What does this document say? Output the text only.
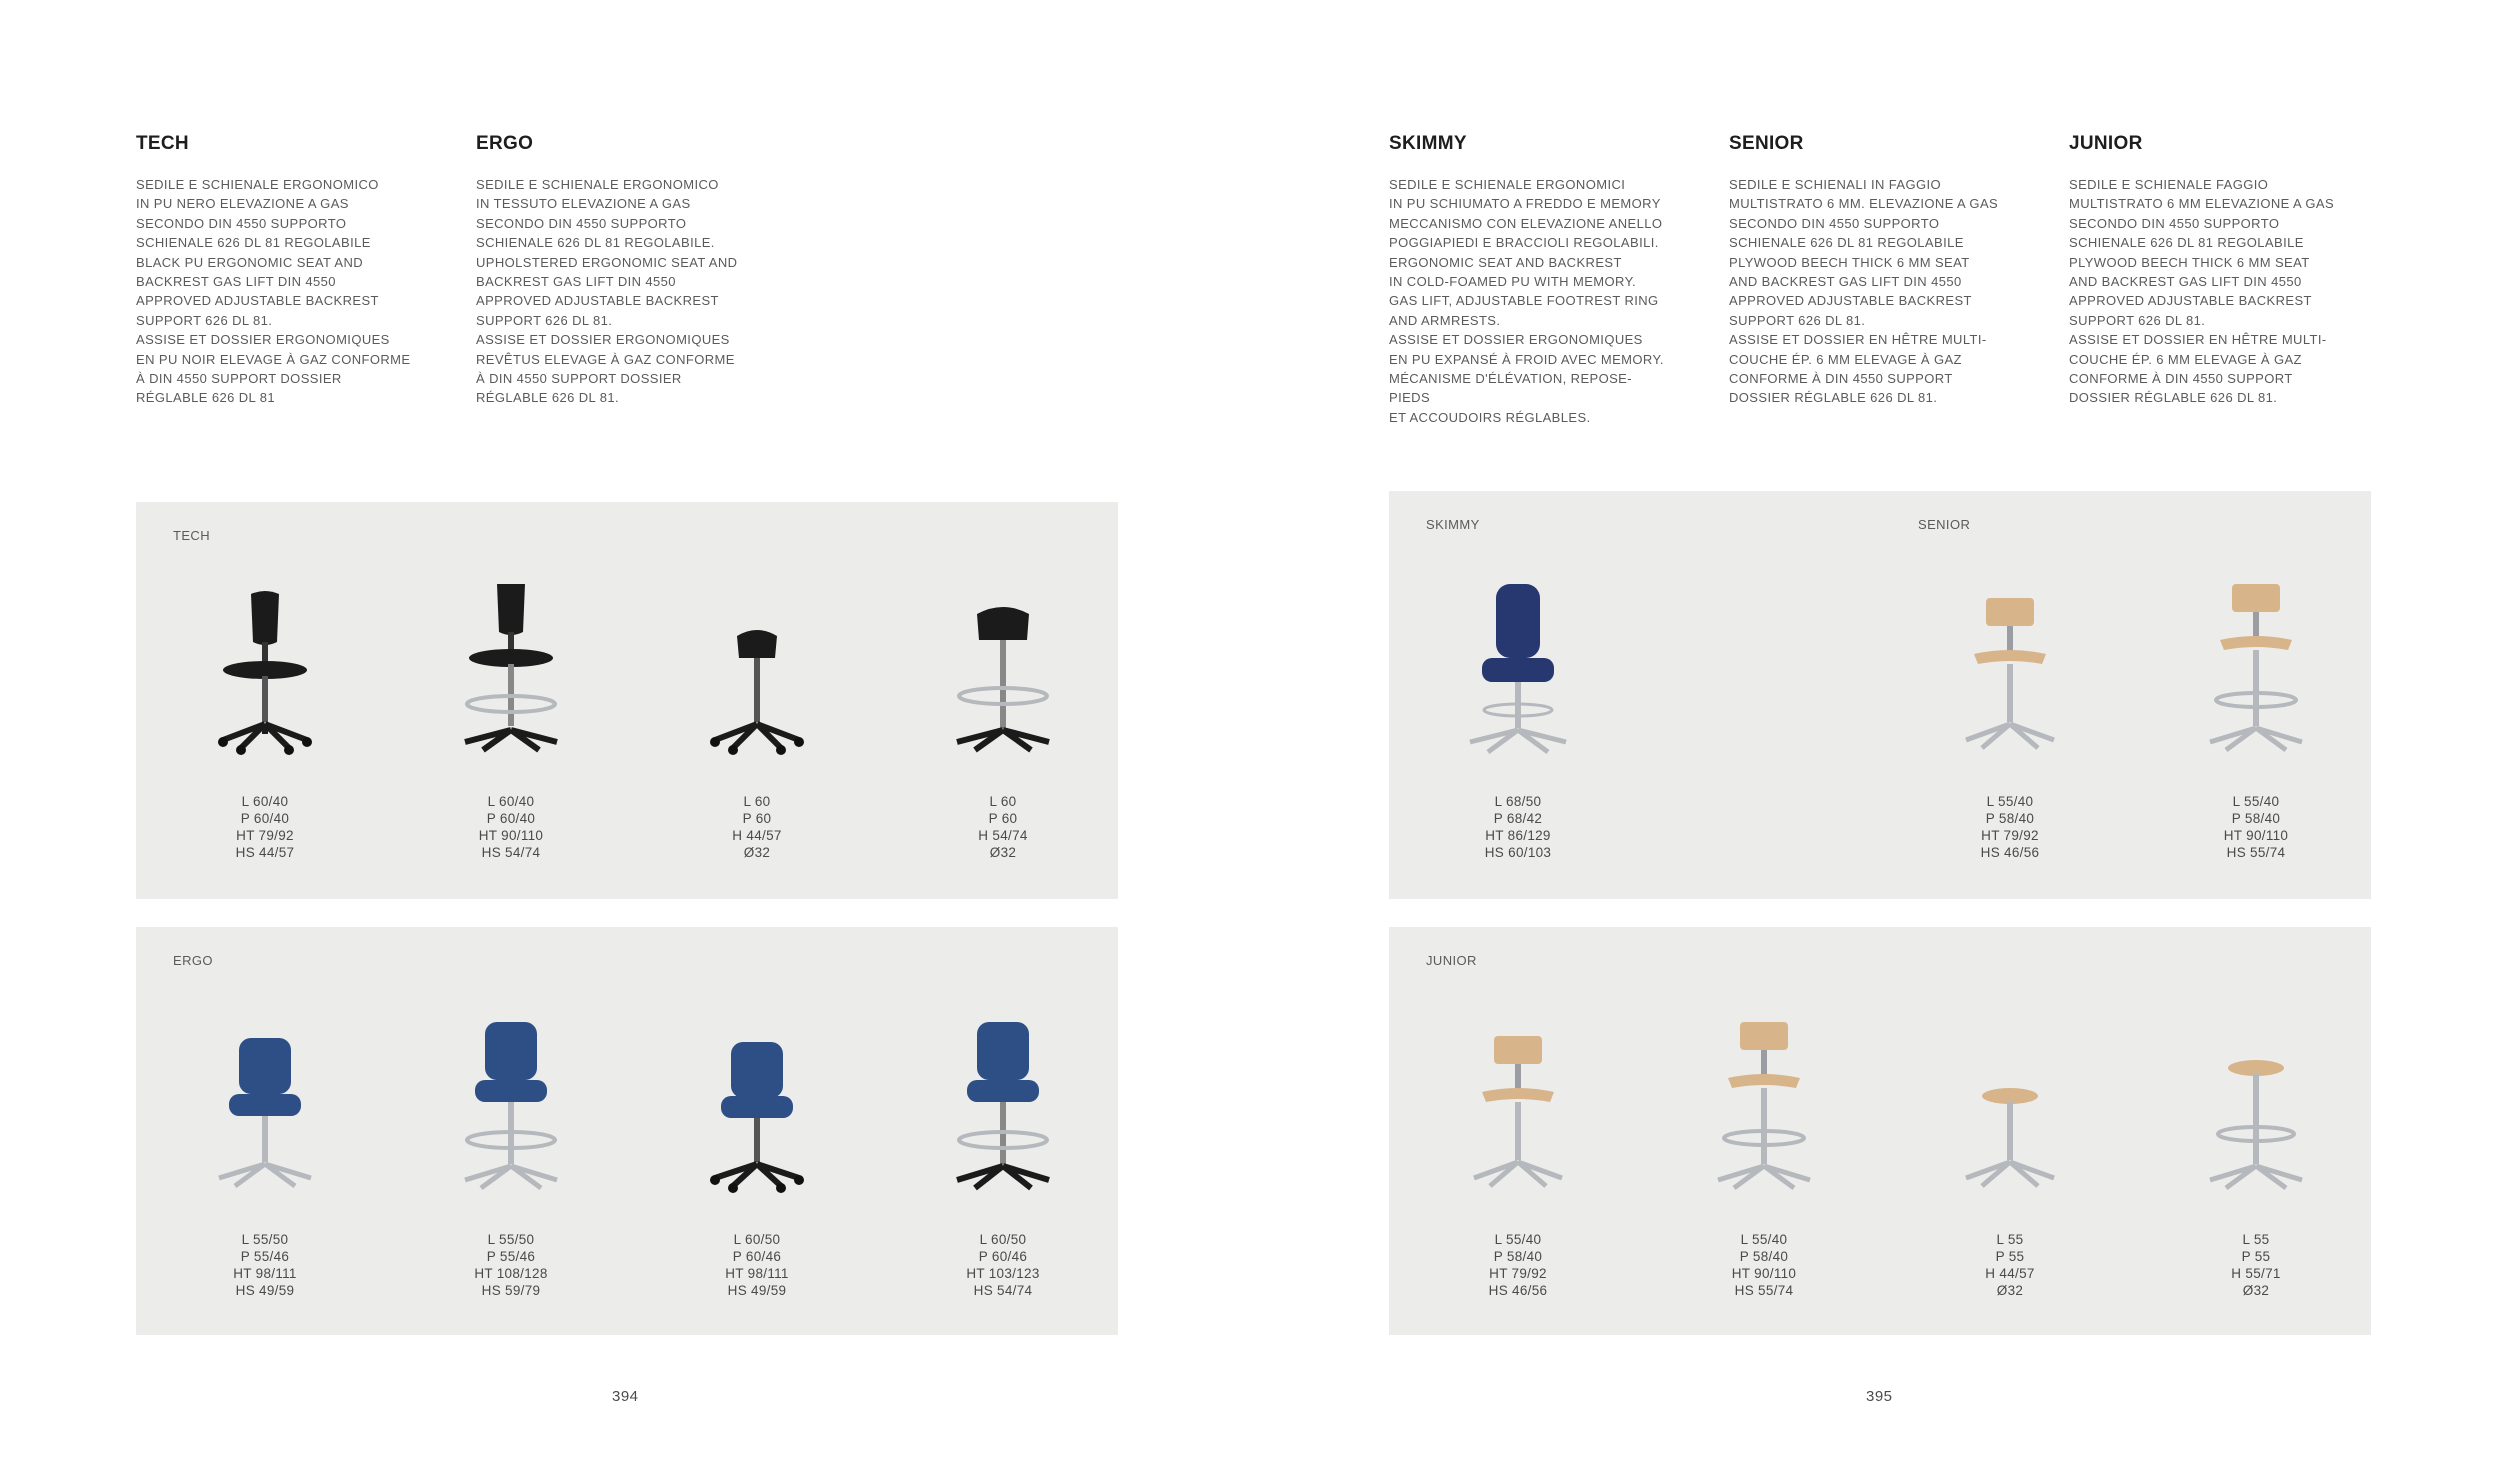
TECH
SEDILE E SCHIENALE ERGONOMICO
IN PU NERO ELEVAZIONE A GAS
SECONDO DIN 4550 SUPPORTO
SCHIENALE 626 DL 81 REGOLABILE
BLACK PU ERGONOMIC SEAT AND
BACKREST GAS LIFT DIN 4550
APPROVED ADJUSTABLE BACKREST
SUPPORT 626 DL 81.
ASSISE ET DOSSIER ERGONOMIQUES
EN PU NOIR ELEVAGE À GAZ CONFORME
À DIN 4550 SUPPORT DOSSIER
RÉGLABLE 626 DL 81
ERGO
SEDILE E SCHIENALE ERGONOMICO
IN TESSUTO ELEVAZIONE A GAS
SECONDO DIN 4550 SUPPORTO
SCHIENALE 626 DL 81 REGOLABILE.
UPHOLSTERED ERGONOMIC SEAT AND
BACKREST GAS LIFT DIN 4550
APPROVED ADJUSTABLE BACKREST
SUPPORT 626 DL 81.
ASSISE ET DOSSIER ERGONOMIQUES
REVÊTUS ELEVAGE À GAZ CONFORME
À DIN 4550 SUPPORT DOSSIER
RÉGLABLE 626 DL 81.
SKIMMY
SEDILE E SCHIENALE ERGONOMICI
IN PU SCHIUMATO A FREDDO E MEMORY
MECCANISMO CON ELEVAZIONE ANELLO
POGGIAPIEDI E BRACCIOLI REGOLABILI.
ERGONOMIC SEAT AND BACKREST
IN COLD-FOAMED PU WITH MEMORY.
GAS LIFT, ADJUSTABLE FOOTREST RING
AND ARMRESTS.
ASSISE ET DOSSIER ERGONOMIQUES
EN PU EXPANSÉ À FROID AVEC MEMORY.
MÉCANISME D'ÉLÉVATION, REPOSE-PIEDS
ET ACCOUDOIRS RÉGLABLES.
SENIOR
SEDILE E SCHIENALI IN FAGGIO
MULTISTRATO 6 MM. ELEVAZIONE A GAS
SECONDO DIN 4550 SUPPORTO
SCHIENALE 626 DL 81 REGOLABILE
PLYWOOD BEECH THICK 6 MM SEAT
AND BACKREST GAS LIFT DIN 4550
APPROVED ADJUSTABLE BACKREST
SUPPORT 626 DL 81.
ASSISE ET DOSSIER EN HÊTRE MULTI-
COUCHE ÉP. 6 MM ELEVAGE À GAZ
CONFORME À DIN 4550 SUPPORT
DOSSIER RÉGLABLE 626 DL 81.
JUNIOR
SEDILE E SCHIENALE FAGGIO
MULTISTRATO 6 MM ELEVAZIONE A GAS
SECONDO DIN 4550 SUPPORTO
SCHIENALE 626 DL 81 REGOLABILE
PLYWOOD BEECH THICK 6 MM SEAT
AND BACKREST GAS LIFT DIN 4550
APPROVED ADJUSTABLE BACKREST
SUPPORT 626 DL 81.
ASSISE ET DOSSIER EN HÊTRE MULTI-
COUCHE ÉP. 6 MM ELEVAGE À GAZ
CONFORME À DIN 4550 SUPPORT
DOSSIER RÉGLABLE 626 DL 81.
TECH
L 60/40
P 60/40
HT 79/92
HS 44/57
L 60/40
P 60/40
HT 90/110
HS 54/74
L 60
P 60
H 44/57
Ø32
L 60
P 60
H 54/74
Ø32
ERGO
L 55/50
P 55/46
HT 98/111
HS 49/59
L 55/50
P 55/46
HT 108/128
HS 59/79
L 60/50
P 60/46
HT 98/111
HS 49/59
L 60/50
P 60/46
HT 103/123
HS 54/74
SKIMMY	SENIOR
L 68/50
P 68/42
HT 86/129
HS 60/103
L 55/40
P 58/40
HT 79/92
HS 46/56
L 55/40
P 58/40
HT 90/110
HS 55/74
JUNIOR
L 55/40
P 58/40
HT 79/92
HS 46/56
L 55/40
P 58/40
HT 90/110
HS 55/74
L 55
P 55
H 44/57
Ø32
L 55
P 55
H 55/71
Ø32
394	395
